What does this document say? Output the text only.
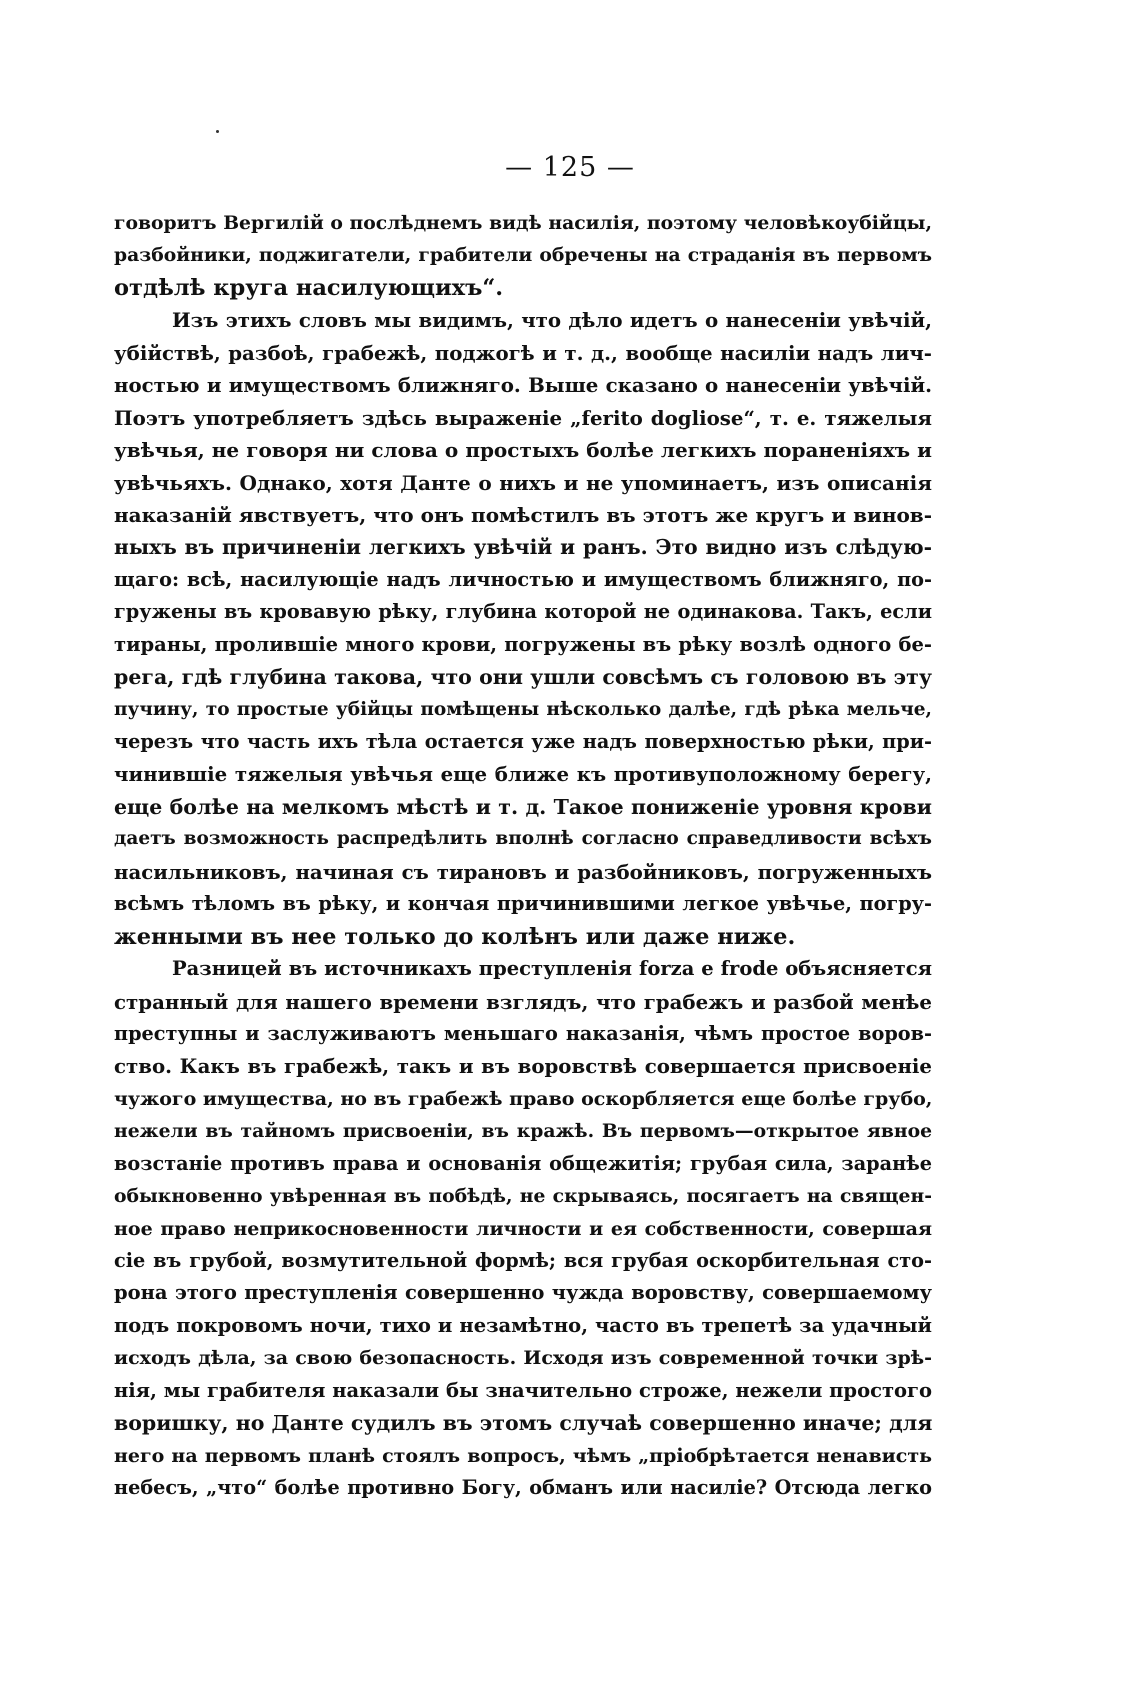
— 125 —
говоритъ Вергилій о послѣднемъ видѣ насилія, поэтому человѣкоубійцы,
разбойники, поджигатели, грабители обречены на страданія въ первомъ
отдѣлѣ круга насилующихъ“.
Изъ этихъ словъ мы видимъ, что дѣло идетъ о нанесеніи увѣчій,
убійствѣ, разбоѣ, грабежѣ, поджогѣ и т. д., вообще насиліи надъ лич-
ностью и имуществомъ ближняго. Выше сказано о нанесеніи увѣчій.
Поэтъ употребляетъ здѣсь выраженіе „ferito dogliose“, т. е. тяжелыя
увѣчья, не говоря ни слова о простыхъ болѣе легкихъ пораненіяхъ и
увѣчьяхъ. Однако, хотя Данте о нихъ и не упоминаетъ, изъ описанія
наказаній явствуетъ, что онъ помѣстилъ въ этотъ же кругъ и винов-
ныхъ въ причиненіи легкихъ увѣчій и ранъ. Это видно изъ слѣдую-
щаго: всѣ, насилующіе надъ личностью и имуществомъ ближняго, по-
гружены въ кровавую рѣку, глубина которой не одинакова. Такъ, если
тираны, пролившіе много крови, погружены въ рѣку возлѣ одного бе-
рега, гдѣ глубина такова, что они ушли совсѣмъ съ головою въ эту
пучину, то простые убійцы помѣщены нѣсколько далѣе, гдѣ рѣка мельче,
черезъ что часть ихъ тѣла остается уже надъ поверхностью рѣки, при-
чинившіе тяжелыя увѣчья еще ближе къ противуположному берегу,
еще болѣе на мелкомъ мѣстѣ и т. д. Такое пониженіе уровня крови
даетъ возможность распредѣлить вполнѣ согласно справедливости всѣхъ
насильниковъ, начиная съ тирановъ и разбойниковъ, погруженныхъ
всѣмъ тѣломъ въ рѣку, и кончая причинившими легкое увѣчье, погру-
женными въ нее только до колѣнъ или даже ниже.
Разницей въ источникахъ преступленія forza e frode объясняется
странный для нашего времени взглядъ, что грабежъ и разбой менѣе
преступны и заслуживаютъ меньшаго наказанія, чѣмъ простое воров-
ство. Какъ въ грабежѣ, такъ и въ воровствѣ совершается присвоеніе
чужого имущества, но въ грабежѣ право оскорбляется еще болѣе грубо,
нежели въ тайномъ присвоеніи, въ кражѣ. Въ первомъ—открытое явное
возстаніе противъ права и основанія общежитія; грубая сила, заранѣе
обыкновенно увѣренная въ побѣдѣ, не скрываясь, посягаетъ на священ-
ное право неприкосновенности личности и ея собственности, совершая
сіе въ грубой, возмутительной формѣ; вся грубая оскорбительная сто-
рона этого преступленія совершенно чужда воровству, совершаемому
подъ покровомъ ночи, тихо и незамѣтно, часто въ трепетѣ за удачный
исходъ дѣла, за свою безопасность. Исходя изъ современной точки зрѣ-
нія, мы грабителя наказали бы значительно строже, нежели простого
воришку, но Данте судилъ въ этомъ случаѣ совершенно иначе; для
него на первомъ планѣ стоялъ вопросъ, чѣмъ „пріобрѣтается ненависть
небесъ, „что“ болѣе противно Богу, обманъ или насиліе? Отсюда легко
